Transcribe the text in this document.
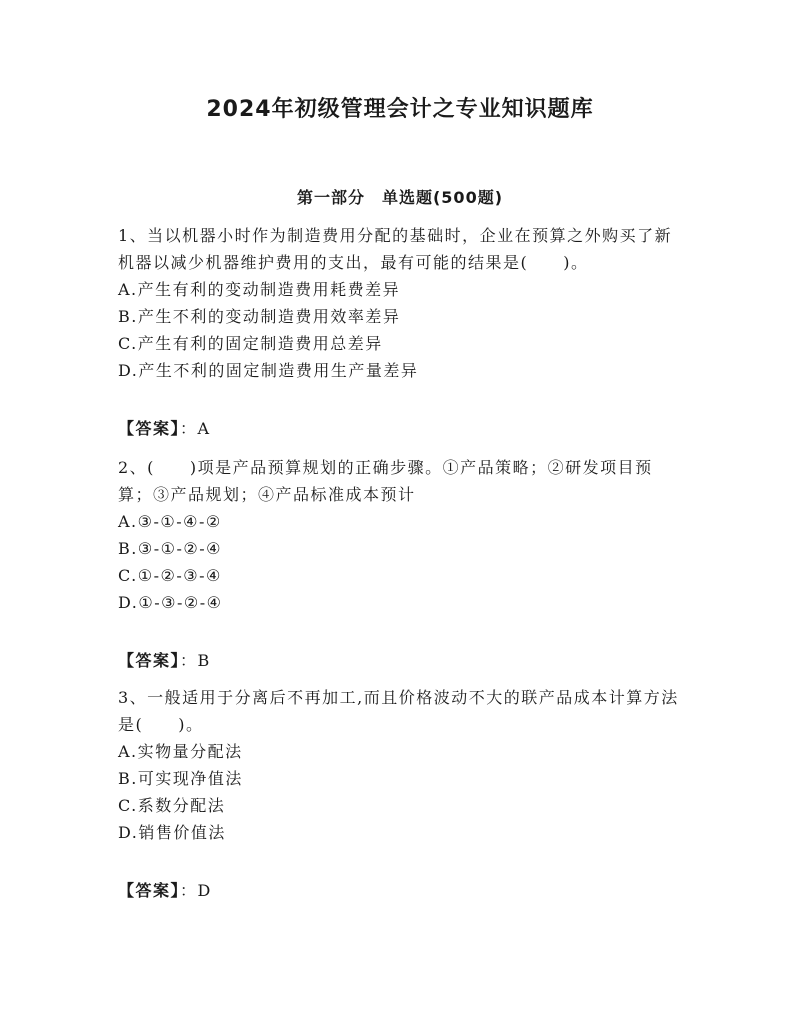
2024年初级管理会计之专业知识题库
第一部分　单选题(500题)
1、当以机器小时作为制造费用分配的基础时，企业在预算之外购买了新机器以减少机器维护费用的支出，最有可能的结果是(　　)。
A.产生有利的变动制造费用耗费差异
B.产生不利的变动制造费用效率差异
C.产生有利的固定制造费用总差异
D.产生不利的固定制造费用生产量差异
【答案】：A
2、(　　)项是产品预算规划的正确步骤。①产品策略；②研发项目预算；③产品规划；④产品标准成本预计
A.③-①-④-②
B.③-①-②-④
C.①-②-③-④
D.①-③-②-④
【答案】：B
3、一般适用于分离后不再加工,而且价格波动不大的联产品成本计算方法是(　　)。
A.实物量分配法
B.可实现净值法
C.系数分配法
D.销售价值法
【答案】：D
